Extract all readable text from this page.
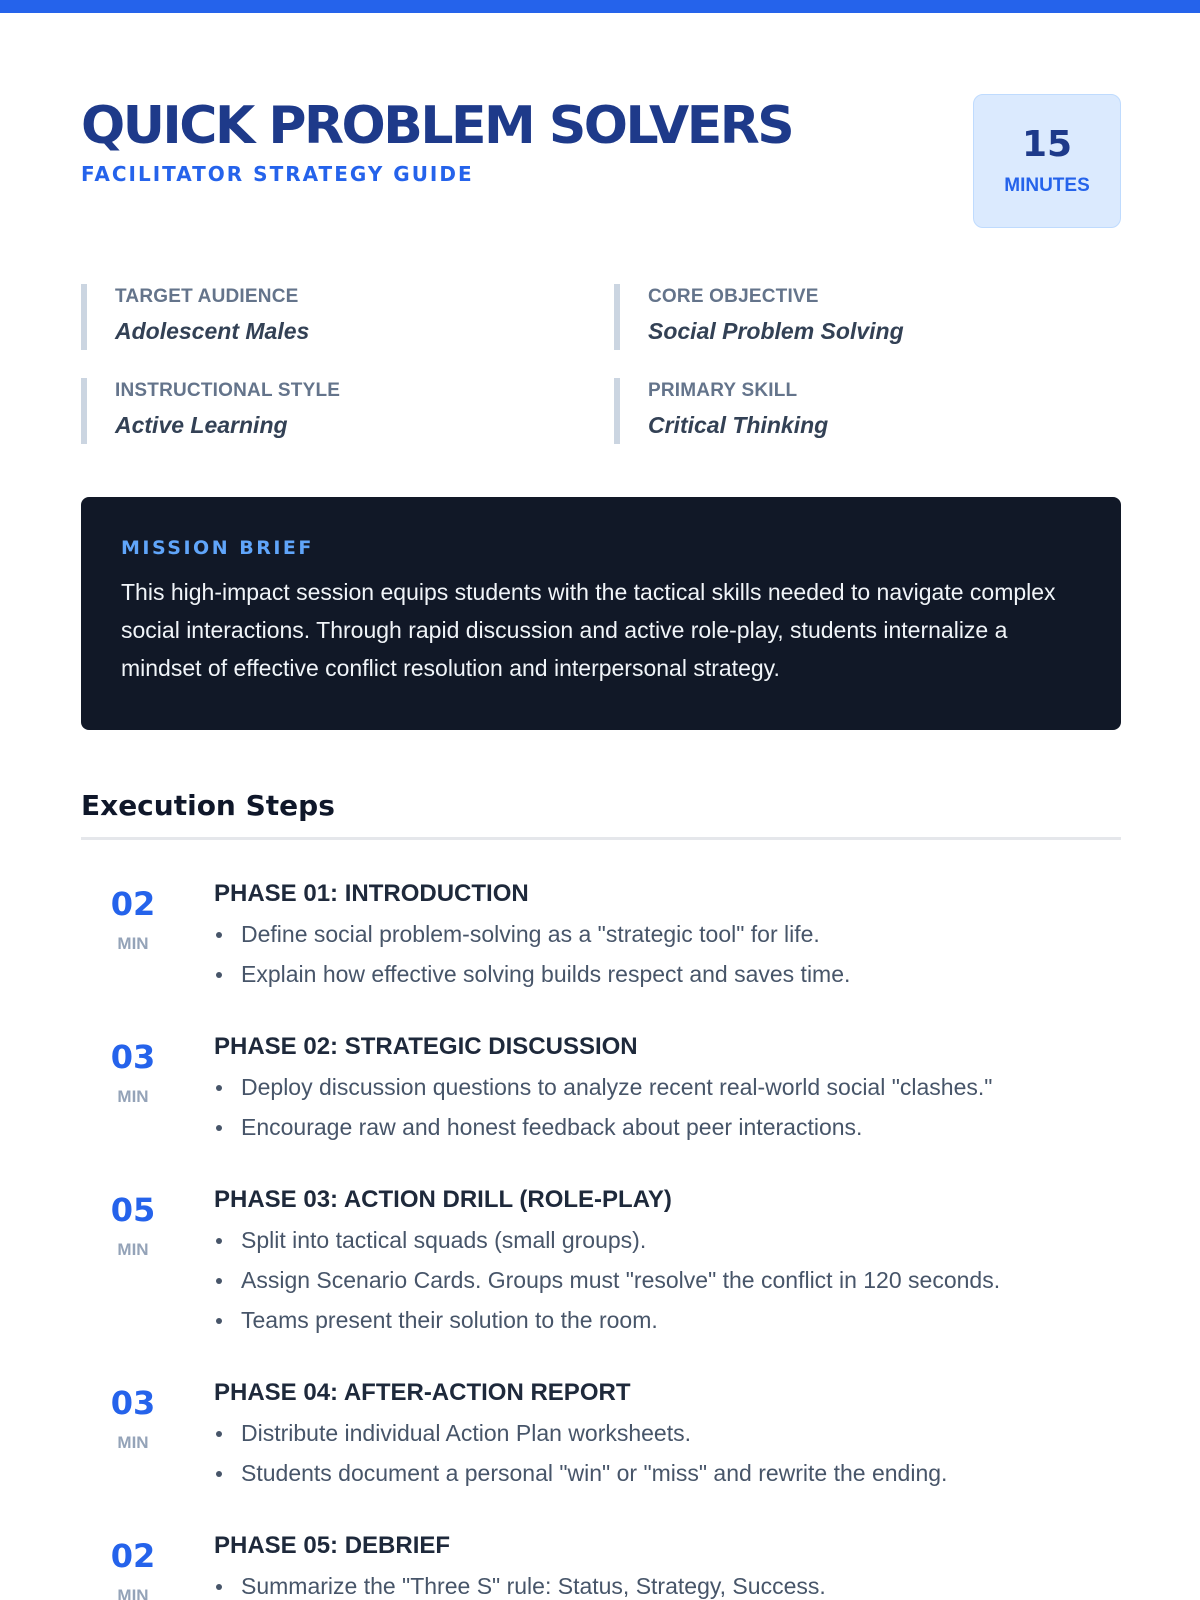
QUICK PROBLEM SOLVERS
FACILITATOR STRATEGY GUIDE
15
MINUTES
TARGET AUDIENCE
Adolescent Males
CORE OBJECTIVE
Social Problem Solving
INSTRUCTIONAL STYLE
Active Learning
PRIMARY SKILL
Critical Thinking
MISSION BRIEF

This high-impact session equips students with the tactical skills needed to navigate complex social interactions. Through rapid discussion and active role-play, students internalize a mindset of effective conflict resolution and interpersonal strategy.

Execution Steps
02
MIN
PHASE 01: INTRODUCTION
Define social problem-solving as a "strategic tool" for life.
Explain how effective solving builds respect and saves time.
03
MIN
PHASE 02: STRATEGIC DISCUSSION
Deploy discussion questions to analyze recent real-world social "clashes."
Encourage raw and honest feedback about peer interactions.
05
MIN
PHASE 03: ACTION DRILL (ROLE-PLAY)
Split into tactical squads (small groups).
Assign Scenario Cards. Groups must "resolve" the conflict in 120 seconds.
Teams present their solution to the room.
03
MIN
PHASE 04: AFTER-ACTION REPORT
Distribute individual Action Plan worksheets.
Students document a personal "win" or "miss" and rewrite the ending.
02
MIN
PHASE 05: DEBRIEF
Summarize the "Three S" rule: Status, Strategy, Success.
